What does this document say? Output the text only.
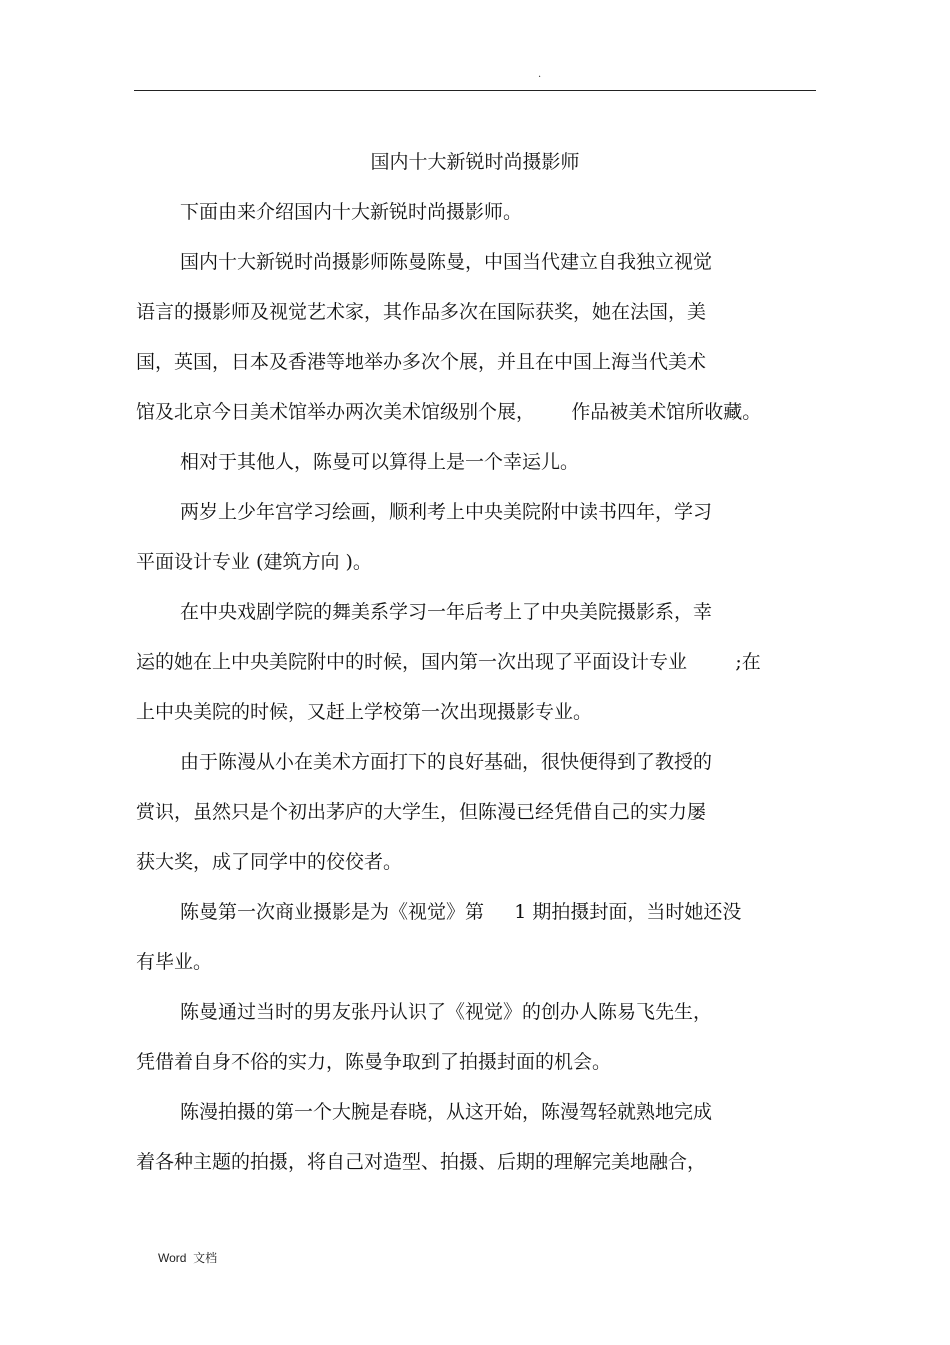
.
国内十大新锐时尚摄影师
下面由来介绍国内十大新锐时尚摄影师。
国内十大新锐时尚摄影师陈曼陈曼，中国当代建立自我独立视觉
语言的摄影师及视觉艺术家，其作品多次在国际获奖，她在法国，美
国，英国，日本及香港等地举办多次个展，并且在中国上海当代美术
馆及北京今日美术馆举办两次美术馆级别个展，      作品被美术馆所收藏。
相对于其他人，陈曼可以算得上是一个幸运儿。
两岁上少年宫学习绘画，顺利考上中央美院附中读书四年，学习
平面设计专业 (建筑方向 )。
在中央戏剧学院的舞美系学习一年后考上了中央美院摄影系，幸
运的她在上中央美院附中的时候，国内第一次出现了平面设计专业        ;在
上中央美院的时候，又赶上学校第一次出现摄影专业。
由于陈漫从小在美术方面打下的良好基础，很快便得到了教授的
赏识，虽然只是个初出茅庐的大学生，但陈漫已经凭借自己的实力屡
获大奖，成了同学中的佼佼者。
陈曼第一次商业摄影是为《视觉》第     1 期拍摄封面，当时她还没
有毕业。
陈曼通过当时的男友张丹认识了《视觉》的创办人陈易飞先生，
凭借着自身不俗的实力，陈曼争取到了拍摄封面的机会。
陈漫拍摄的第一个大腕是春晓，从这开始，陈漫驾轻就熟地完成
着各种主题的拍摄，将自己对造型、拍摄、后期的理解完美地融合，
Word  文档
